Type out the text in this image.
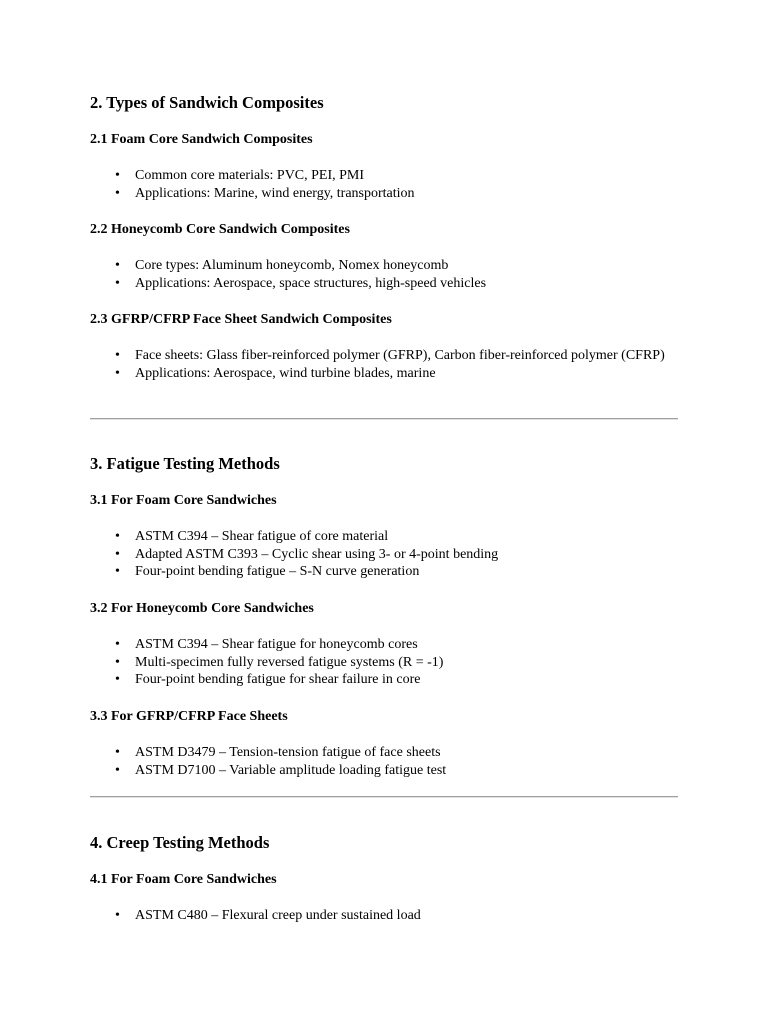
2. Types of Sandwich Composites
2.1 Foam Core Sandwich Composites
• Common core materials: PVC, PEI, PMI
• Applications: Marine, wind energy, transportation
2.2 Honeycomb Core Sandwich Composites
• Core types: Aluminum honeycomb, Nomex honeycomb
• Applications: Aerospace, space structures, high-speed vehicles
2.3 GFRP/CFRP Face Sheet Sandwich Composites
• Face sheets: Glass fiber-reinforced polymer (GFRP), Carbon fiber-reinforced polymer (CFRP)
• Applications: Aerospace, wind turbine blades, marine
3. Fatigue Testing Methods
3.1 For Foam Core Sandwiches
• ASTM C394 – Shear fatigue of core material
• Adapted ASTM C393 – Cyclic shear using 3- or 4-point bending
• Four-point bending fatigue – S-N curve generation
3.2 For Honeycomb Core Sandwiches
• ASTM C394 – Shear fatigue for honeycomb cores
• Multi-specimen fully reversed fatigue systems (R = -1)
• Four-point bending fatigue for shear failure in core
3.3 For GFRP/CFRP Face Sheets
• ASTM D3479 – Tension-tension fatigue of face sheets
• ASTM D7100 – Variable amplitude loading fatigue test
4. Creep Testing Methods
4.1 For Foam Core Sandwiches
• ASTM C480 – Flexural creep under sustained load
